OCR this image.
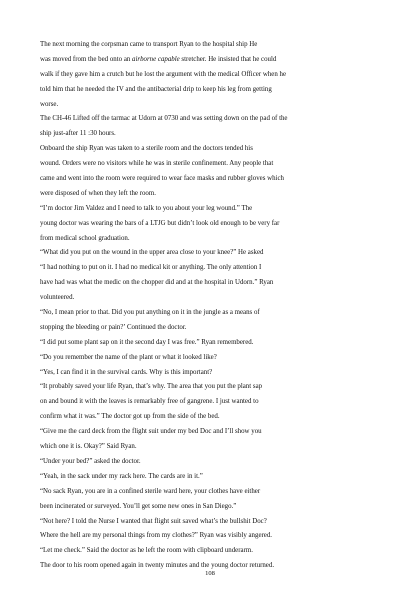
The next morning the corpsman came to transport Ryan to the hospital ship He
was moved from the bed onto an airborne capable stretcher. He insisted that he could
walk if they gave him a crutch but he lost the argument with the medical Officer when he
told him that he needed the IV and the antibacterial drip to keep his leg from getting
worse.
The CH-46 Lifted off the tarmac at Udorn at 0730 and was setting down on the pad of the
ship just-after 11 :30 hours.
Onboard the ship Ryan was taken to a sterile room and the doctors tended his
wound. Orders were no visitors while he was in sterile confinement. Any people that
came and went into the room were required to wear face masks and rubber gloves which
were disposed of when they left the room.
“I’m doctor Jim Valdez and I need to talk to you about your leg wound.” The
young doctor was wearing the bars of a LTJG but didn’t look old enough to be very far
from medical school graduation.
“What did you put on the wound in the upper area close to your knee?” He asked
“I had nothing to put on it. I had no medical kit or anything. The only attention I
have had was what the medic on the chopper did and at the hospital in Udorn.” Ryan
volunteered.
“No, I mean prior to that. Did you put anything on it in the jungle as a means of
stopping the bleeding or pain?’ Continued the doctor.
“I did put some plant sap on it the second day I was free.” Ryan remembered.
“Do you remember the name of the plant or what it looked like?
“Yes, I can find it in the survival cards. Why is this important?
“It probably saved your life Ryan, that’s why. The area that you put the plant sap
on and bound it with the leaves is remarkably free of gangrene. I just wanted to
confirm what it was.” The doctor got up from the side of the bed.
“Give me the card deck from the flight suit under my bed Doc and I’ll show you
which one it is. Okay?” Said Ryan.
“Under your bed?” asked the doctor.
“Yeah, in the sack under my rack here. The cards are in it.”
“No sack Ryan, you are in a confined sterile ward here, your clothes have either
been incinerated or surveyed. You’ll get some new ones in San Diego.”
“Not here? I told the Nurse I wanted that flight suit saved what’s the bullshit Doc?
Where the hell are my personal things from my clothes?” Ryan was visibly angered.
“Let me check.” Said the doctor as he left the room with clipboard underarm.
The door to his room opened again in twenty minutes and the young doctor returned.
108
